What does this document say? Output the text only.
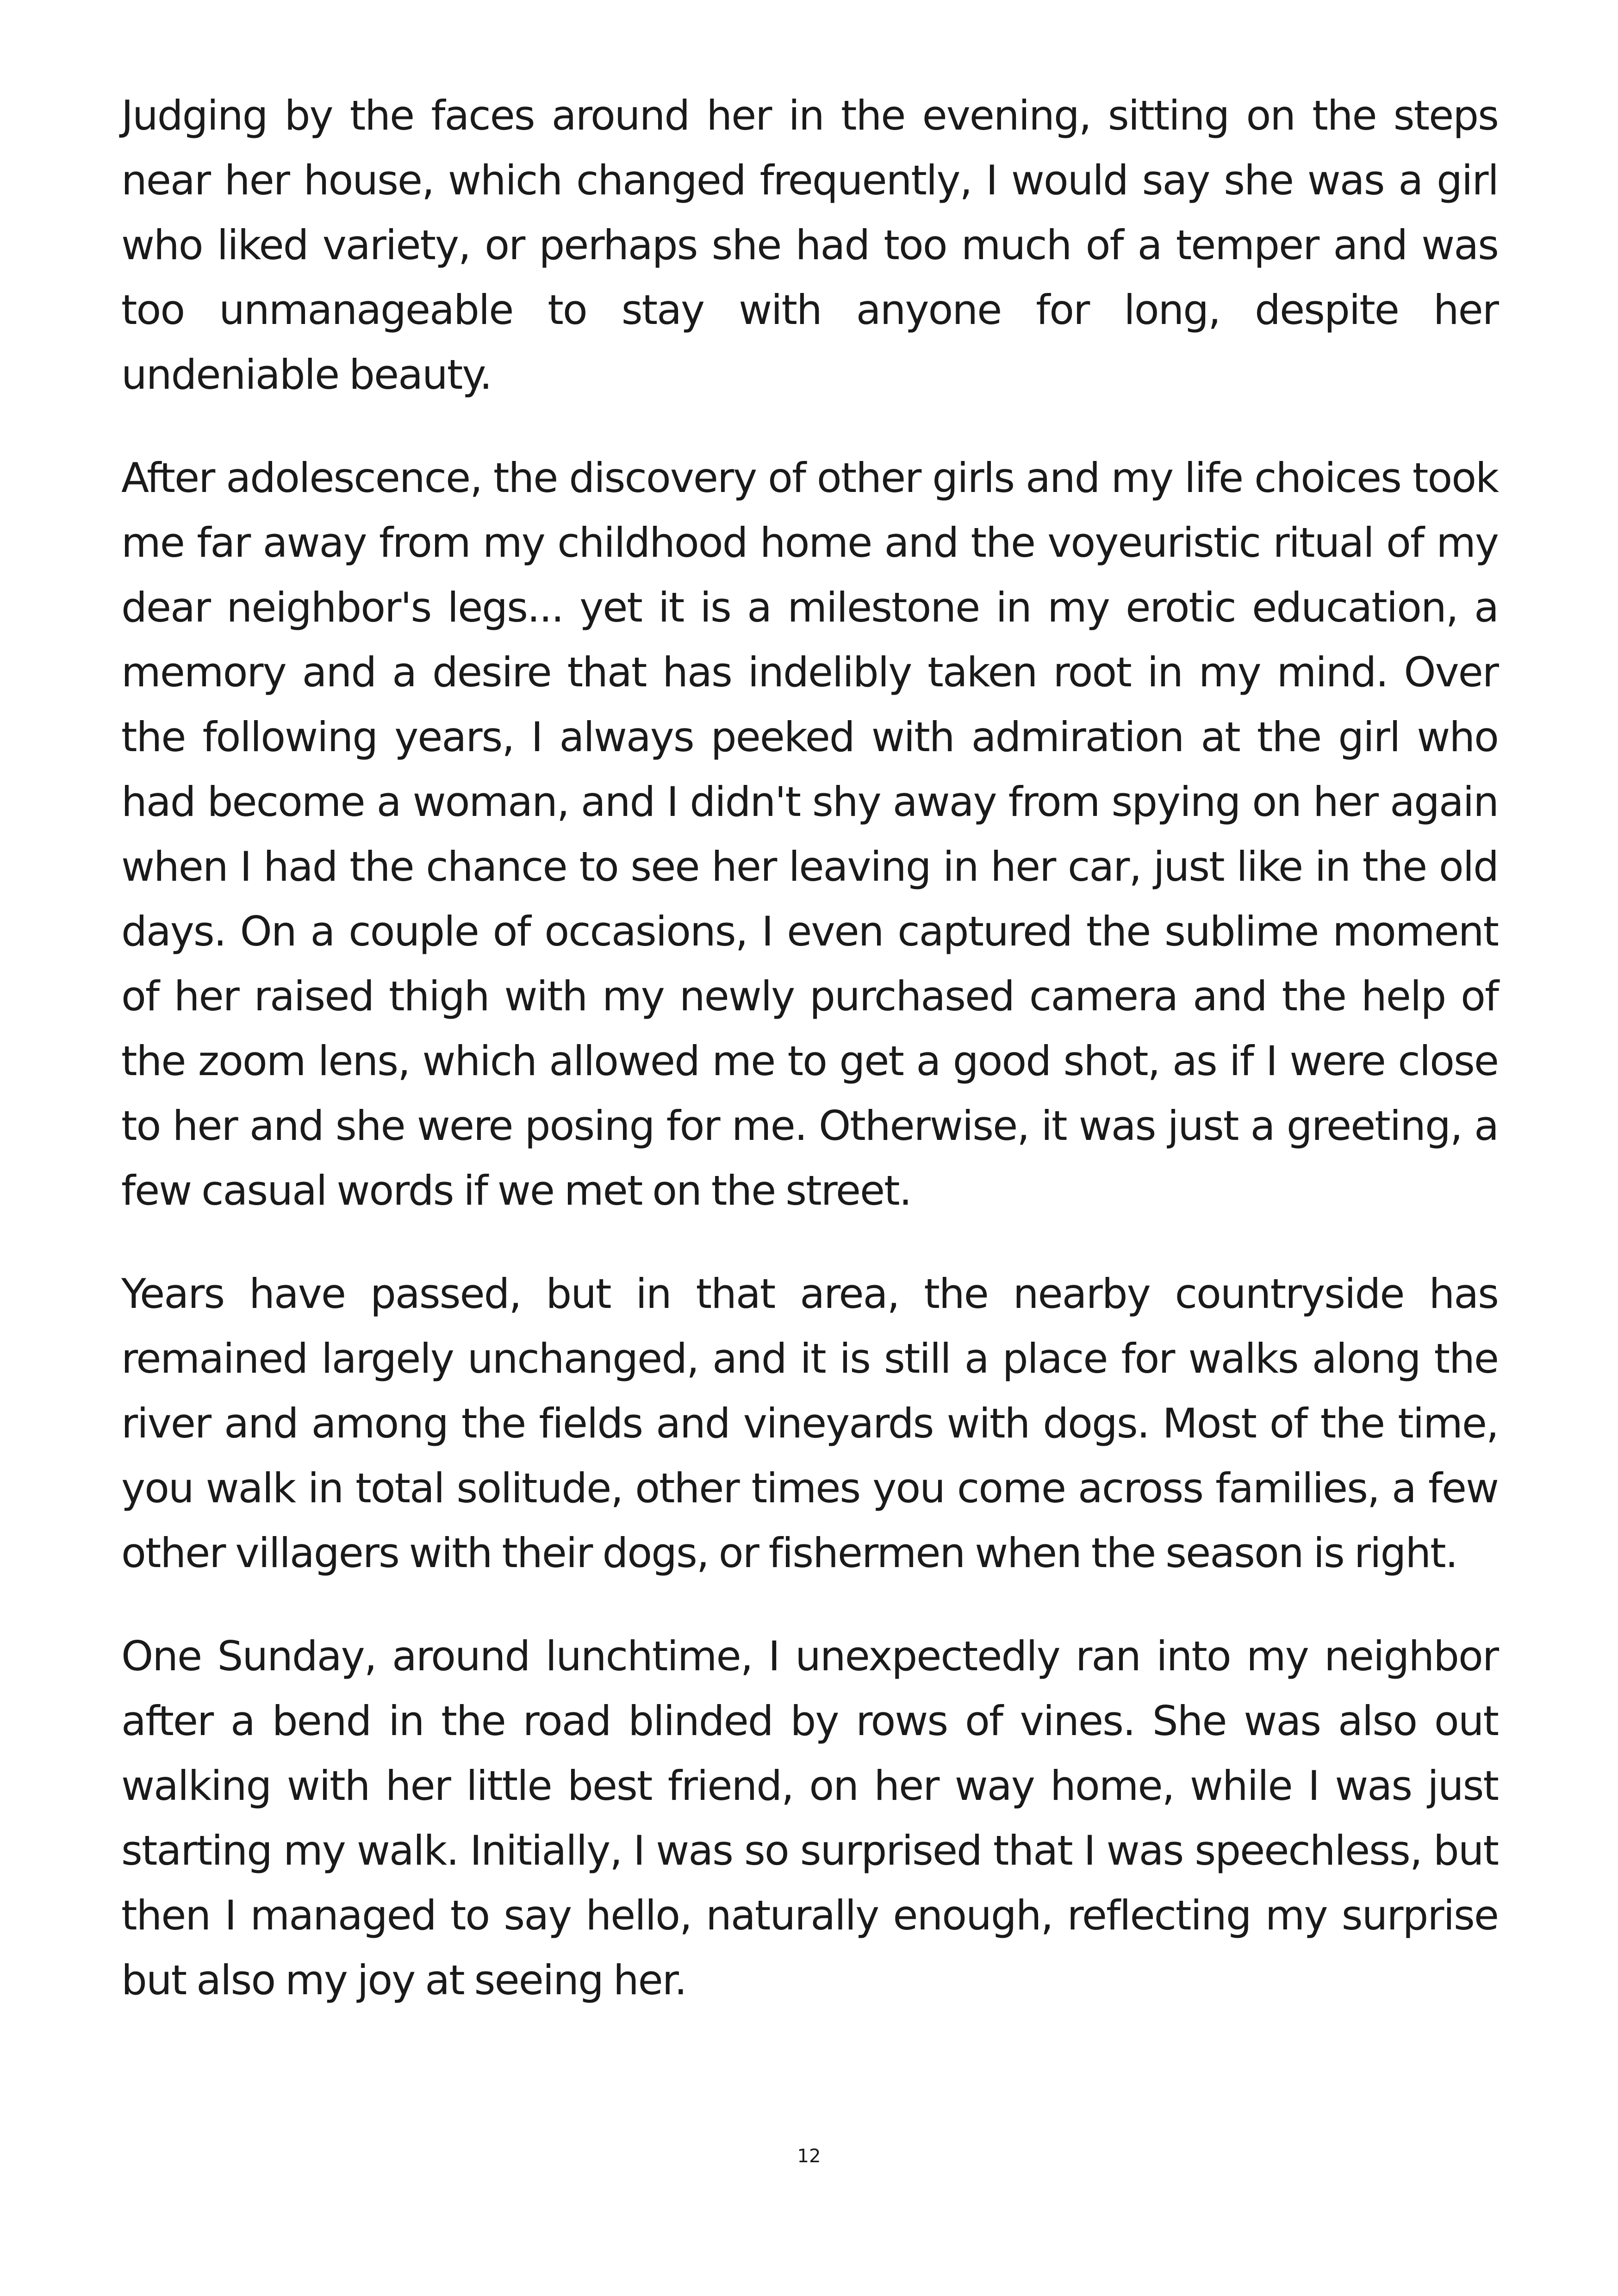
Judging by the faces around her in the evening, sitting on the steps near her house, which changed frequently, I would say she was a girl who liked variety, or perhaps she had too much of a temper and was too unmanageable to stay with anyone for long, despite her undeniable beauty.

After adolescence, the discovery of other girls and my life choices took me far away from my childhood home and the voyeuristic ritual of my dear neighbor's legs... yet it is a milestone in my erotic education, a memory and a desire that has indelibly taken root in my mind. Over the following years, I always peeked with admiration at the girl who had become a woman, and I didn't shy away from spying on her again when I had the chance to see her leaving in her car, just like in the old days. On a couple of occasions, I even captured the sublime moment of her raised thigh with my newly purchased camera and the help of the zoom lens, which allowed me to get a good shot, as if I were close to her and she were posing for me. Otherwise, it was just a greeting, a few casual words if we met on the street.

Years have passed, but in that area, the nearby countryside has remained largely unchanged, and it is still a place for walks along the river and among the fields and vineyards with dogs. Most of the time, you walk in total solitude, other times you come across families, a few other villagers with their dogs, or fishermen when the season is right.

One Sunday, around lunchtime, I unexpectedly ran into my neighbor after a bend in the road blinded by rows of vines. She was also out walking with her little best friend, on her way home, while I was just starting my walk. Initially, I was so surprised that I was speechless, but then I managed to say hello, naturally enough, reflecting my surprise but also my joy at seeing her.

12
